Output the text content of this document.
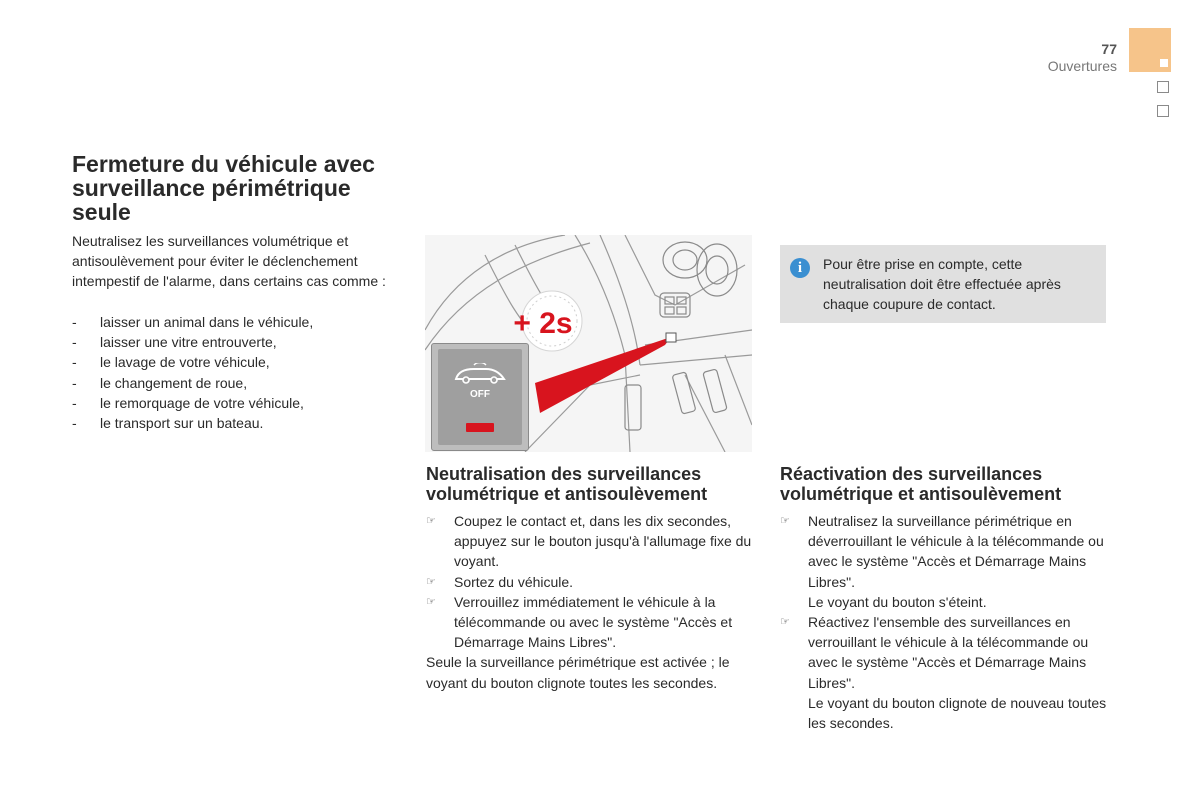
77
Ouvertures
Fermeture du véhicule avec surveillance périmétrique seule
Neutralisez les surveillances volumétrique et antisoulèvement pour éviter le déclenchement intempestif de l'alarme, dans certains cas comme :
- laisser un animal dans le véhicule,
- laisser une vitre entrouverte,
- le lavage de votre véhicule,
- le changement de roue,
- le remorquage de votre véhicule,
- le transport sur un bateau.
+ 2s
OFF
i	Pour être prise en compte, cette neutralisation doit être effectuée après chaque coupure de contact.
Neutralisation des surveillances volumétrique et antisoulèvement
☞ Coupez le contact et, dans les dix secondes, appuyez sur le bouton jusqu'à l'allumage fixe du voyant.
☞ Sortez du véhicule.
☞ Verrouillez immédiatement le véhicule à la télécommande ou avec le système "Accès et Démarrage Mains Libres".
Seule la surveillance périmétrique est activée ; le voyant du bouton clignote toutes les secondes.
Réactivation des surveillances volumétrique et antisoulèvement
☞ Neutralisez la surveillance périmétrique en déverrouillant le véhicule à la télécommande ou avec le système "Accès et Démarrage Mains Libres".
Le voyant du bouton s'éteint.
☞ Réactivez l'ensemble des surveillances en verrouillant le véhicule à la télécommande ou avec le système "Accès et Démarrage Mains Libres".
Le voyant du bouton clignote de nouveau toutes les secondes.
